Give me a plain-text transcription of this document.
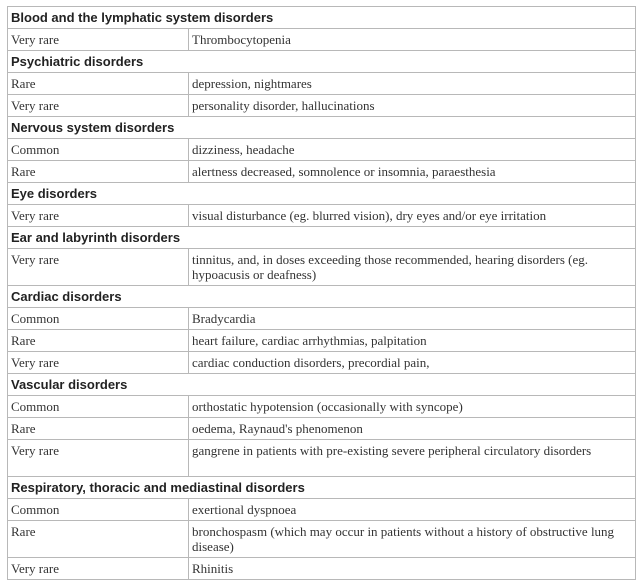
Blood and the lymphatic system disorders	
Very rare	Thrombocytopenia
Psychiatric disorders	
Rare	depression, nightmares
Very rare	personality disorder, hallucinations
Nervous system disorders	
Common	dizziness, headache
Rare	alertness decreased, somnolence or insomnia, paraesthesia
Eye disorders	
Very rare	visual disturbance (eg. blurred vision), dry eyes and/or eye irritation
Ear and labyrinth disorders	
Very rare	tinnitus, and, in doses exceeding those recommended, hearing disorders (eg. hypoacusis or deafness)
Cardiac disorders	
Common	Bradycardia
Rare	heart failure, cardiac arrhythmias, palpitation
Very rare	cardiac conduction disorders, precordial pain,
Vascular disorders	
Common	orthostatic hypotension (occasionally with syncope)
Rare	oedema, Raynaud's phenomenon
Very rare	gangrene in patients with pre-existing severe peripheral circulatory disorders
Respiratory, thoracic and mediastinal disorders	
Common	exertional dyspnoea
Rare	bronchospasm (which may occur in patients without a history of obstructive lung disease)
Very rare	Rhinitis
